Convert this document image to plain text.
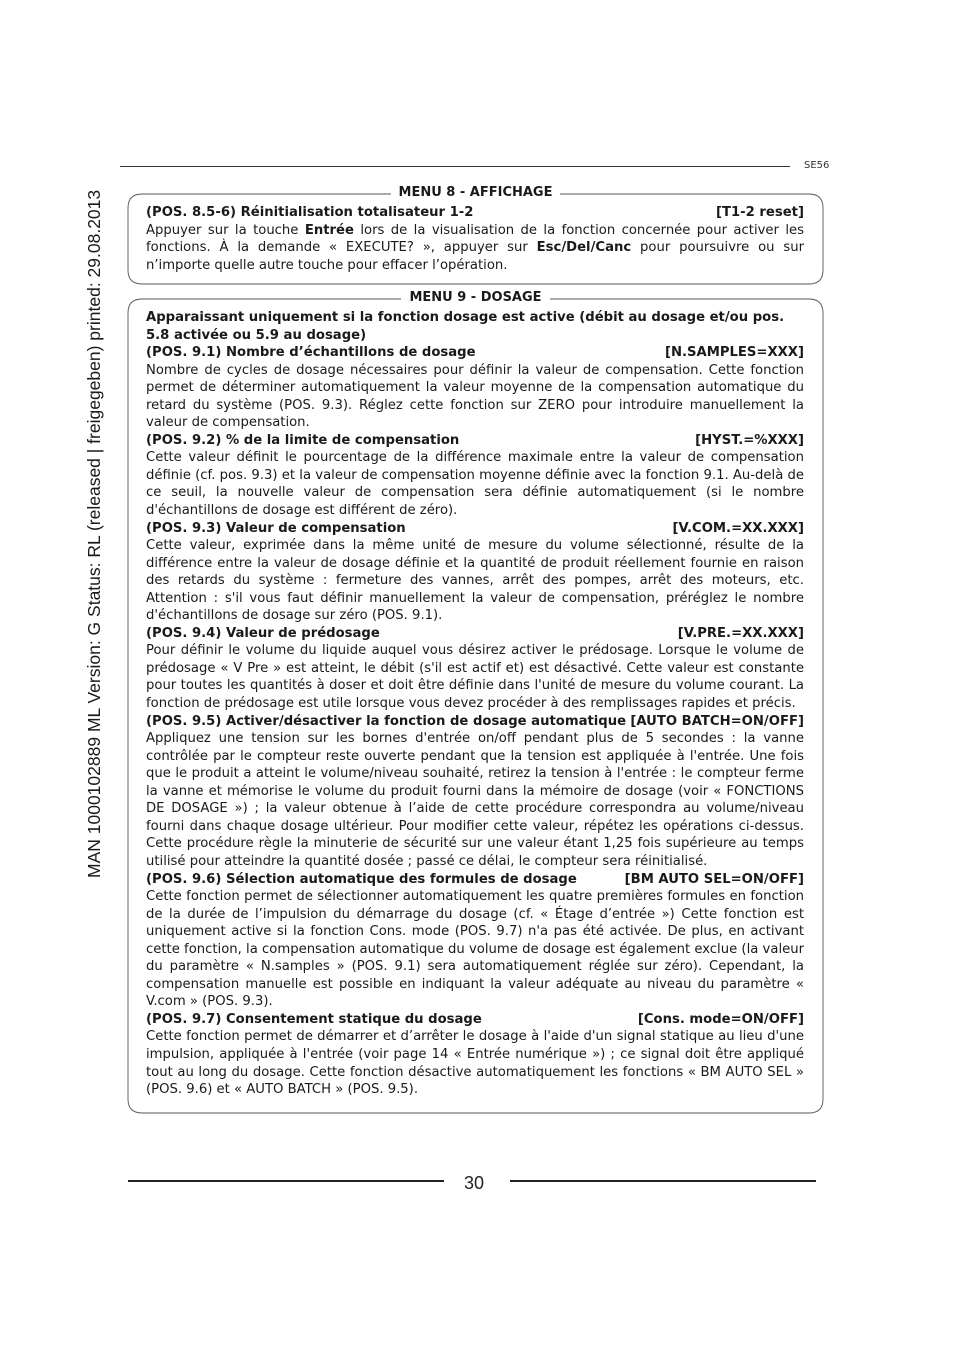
MAN 1000102889 ML Version: G Status: RL (released | freigegeben) printed: 29.08.2013
SE56
MENU 8 - AFFICHAGE
(POS. 8.5-6) Réinitialisation totalisateur 1-2	[T1-2 reset]

Appuyer sur la touche Entrée lors de la visualisation de la fonction concernée pour activer les fonctions. À la demande « EXECUTE? », appuyer sur Esc/Del/Canc pour poursuivre ou sur n’importe quelle autre touche pour effacer l’opération.

MENU 9 - DOSAGE

Apparaissant uniquement si la fonction dosage est active (débit au dosage et/ou pos. 5.8 activée ou 5.9 au dosage)

(POS. 9.1) Nombre d’échantillons de dosage	[N.SAMPLES=XXX]

Nombre de cycles de dosage nécessaires pour définir la valeur de compensation. Cette fonction permet de déterminer automatiquement la valeur moyenne de la compensation automatique du retard du système (POS. 9.3). Réglez cette fonction sur ZERO pour introduire manuellement la valeur de compensation.

(POS. 9.2) % de la limite de compensation	[HYST.=%XXX]

Cette valeur définit le pourcentage de la différence maximale entre la valeur de compensation définie (cf. pos. 9.3) et la valeur de compensation moyenne définie avec la fonction 9.1. Au-delà de ce seuil, la nouvelle valeur de compensation sera définie automatiquement (si le nombre d'échantillons de dosage est différent de zéro).

(POS. 9.3) Valeur de compensation	[V.COM.=XX.XXX]

Cette valeur, exprimée dans la même unité de mesure du volume sélectionné, résulte de la différence entre la valeur de dosage définie et la quantité de produit réellement fournie en raison des retards du système : fermeture des vannes, arrêt des pompes, arrêt des moteurs, etc. Attention : s'il vous faut définir manuellement la valeur de compensation, préréglez le nombre d'échantillons de dosage sur zéro (POS. 9.1).

(POS. 9.4) Valeur de prédosage	[V.PRE.=XX.XXX]

Pour définir le volume du liquide auquel vous désirez activer le prédosage. Lorsque le volume de prédosage « V Pre » est atteint, le débit (s'il est actif et) est désactivé. Cette valeur est constante pour toutes les quantités à doser et doit être définie dans l'unité de mesure du volume courant. La fonction de prédosage est utile lorsque vous devez procéder à des remplissages rapides et précis.

(POS. 9.5) Activer/désactiver la fonction de dosage automatique [AUTO BATCH=ON/OFF]

Appliquez une tension sur les bornes d'entrée on/off pendant plus de 5 secondes : la vanne contrôlée par le compteur reste ouverte pendant que la tension est appliquée à l'entrée. Une fois que le produit a atteint le volume/niveau souhaité, retirez la tension à l'entrée : le compteur ferme la vanne et mémorise le volume du produit fourni dans la mémoire de dosage (voir « FONCTIONS DE DOSAGE ») ; la valeur obtenue à l’aide de cette procédure correspondra au volume/niveau fourni dans chaque dosage ultérieur. Pour modifier cette valeur, répétez les opérations ci-dessus. Cette procédure règle la minuterie de sécurité sur une valeur étant 1,25 fois supérieure au temps utilisé pour atteindre la quantité dosée ; passé ce délai, le compteur sera réinitialisé.

(POS. 9.6) Sélection automatique des formules de dosage	[BM AUTO SEL=ON/OFF]

Cette fonction permet de sélectionner automatiquement les quatre premières formules en fonction de la durée de l’impulsion du démarrage du dosage (cf. « Étage d’entrée ») Cette fonction est uniquement active si la fonction Cons. mode (POS. 9.7) n'a pas été activée. De plus, en activant cette fonction, la compensation automatique du volume de dosage est également exclue (la valeur du paramètre « N.samples » (POS. 9.1) sera automatiquement réglée sur zéro). Cependant, la compensation manuelle est possible en indiquant la valeur adéquate au niveau du paramètre « V.com » (POS. 9.3).

(POS. 9.7) Consentement statique du dosage	[Cons. mode=ON/OFF]

Cette fonction permet de démarrer et d’arrêter le dosage à l'aide d'un signal statique au lieu d'une impulsion, appliquée à l'entrée (voir page 14 « Entrée numérique ») ; ce signal doit être appliqué tout au long du dosage. Cette fonction désactive automatiquement les fonctions « BM AUTO SEL » (POS. 9.6) et « AUTO BATCH » (POS. 9.5).

30
